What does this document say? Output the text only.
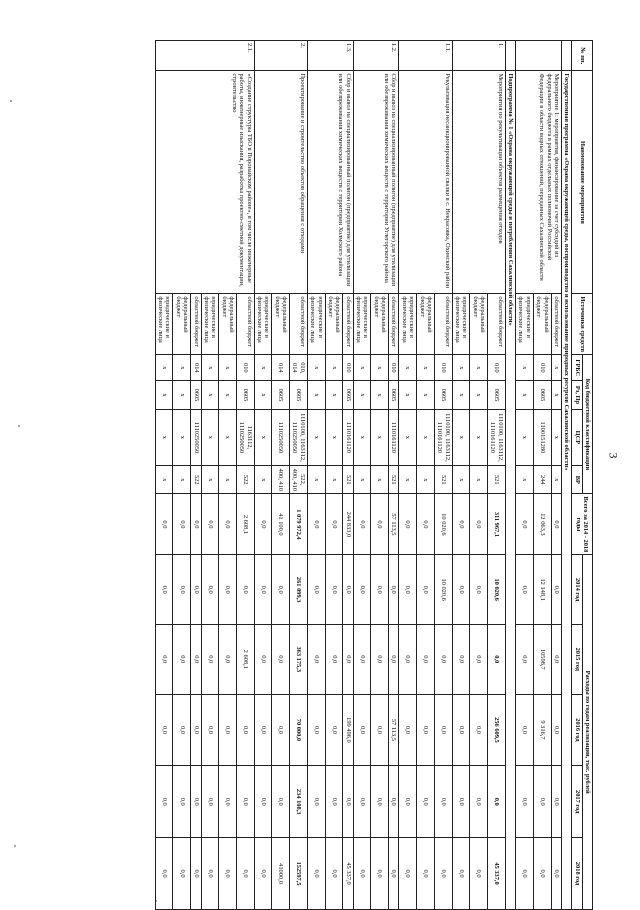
3
№ пп.	Наименование мероприятия	Источники средств	Код бюджетной классификации				Всего за 2014 - 2018 годы	Расходы по годам реализации, тыс. рублей				
			ГРБС	Рз, Пр	ЦСР	ВР		2014 год	2015 год	2016 год	2017 год	2018 год
	Государственная программа «Охрана окружающей среды, воспроизводство и использование природных ресурсов Сахалинской области»											
	Мероприятие 1: мероприятия, финансирование за счет субсидий из федерального бюджета в рамках отдельных полномочий Российской Федерации в области водных отношений, переданных Сахалинской области	областной бюджет	x	x	x	x	0,0	0,0	0,0	0,0	0,0	0,0
		федеральный бюджет	010	0605	1100151280	244	12 063,3	12 148,1	10598,7	9 316,7	0,0	0,0
		юридические и физические лица	x	x	x	x	0,0	0,0	0,0	0,0	0,0	0,0
	Подпрограмма № 1 «Охрана окружающей среды и потребления Сахалинской области»											
1.	Мероприятия по рекультивации объектов размещения отходов	областной бюджет	010	0605	1110100, 1163112, 1110161120	521	311 967,1	10 020,6	0,0	256 609,5	0,0	45 337,0
		федеральный бюджет	x	x	x	x	0,0	0,0	0,0	0,0	0,0	0,0
		юридические и физические лица	x	x	x	x	0,0	0,0	0,0	0,0	0,0	0,0
1.1.	Рекультивация несанкционированной свалки в с. Некрасовка, Охинский район	областной бюджет	010	0605	1110100, 1163112, 1110161120	521	10 020,6	10 020,6	0,0	0,0	0,0	0,0
		федеральный бюджет	x	x	x	x	0,0	0,0	0,0	0,0	0,0	0,0
		юридические и физические лица	x	x	x	x	0,0	0,0	0,0	0,0	0,0	0,0
1.2.	Сбор и вывоз на специализированный полигон (предприятие) для утилизации или обезвреживания химических веществ с территории Углегорского района	областной бюджет	010	0605	1110161120	521	57 113,5	0,0	0,0	57 113,5	0,0	0,0
		федеральный бюджет	x	x	x	x	0,0	0,0	0,0	0,0	0,0	0,0
		юридические и физические лица	x	x	x	x	0,0	0,0	0,0	0,0	0,0	0,0
1.3.	Сбор и вывоз на специализированный полигон (предприятие) для утилизации или обезвреживания химических веществ с территории Холмского района	областной бюджет	010	0605	1110161120	521	244 833,0	0,0	0,0	199 496,0	0,0	45 337,0
		федеральный бюджет	x	x	x	x	0,0	0,0	0,0	0,0	0,0	0,0
		юридические и физические лица	x	x	x	x	0,0	0,0	0,0	0,0	0,0	0,0
2.	Проектирование и строительство объектов обращения с отходами	областной бюджет	010, 014	0605	1110100, 1163112, 1110250050	522, 400, 410	1 079 972,4	261 099,3	363 175,3	70 000,0	234 108,3	152597,5
		федеральный бюджет	014	0605	1110250050	400, 410	41 100,0	0,0	0,0	0,0	0,0	41000,0
		юридические и физические лица	x	x	x	x	0,0	0,0	0,0	0,0	0,0	0,0
2.1.	«Создание структуры ТБО в Поронайском районе», в том числе инженерные работы, инженерные изыскания, разработка проектно-сметной документации, строительство	областной бюджет	010	0605	1163112, 1110250050	522	2 608,1	0,0	2 608,1	0,0	0,0	0,0
		федеральный бюджет	x	x	x	x	0,0	0,0	0,0	0,0	0,0	0,0
		юридические и физические лица	x	x	x	x	0,0	0,0	0,0	0,0	0,0	0,0
		областной бюджет	014	0605	1110250050	522	0,0	0,0	0,0	0,0	0,0	0,0
		федеральный бюджет	x	x	x	x	0,0	0,0	0,0	0,0	0,0	0,0
		юридические и физические лица	x	x	x	x	0,0	0,0	0,0	0,0	0,0	0,0
